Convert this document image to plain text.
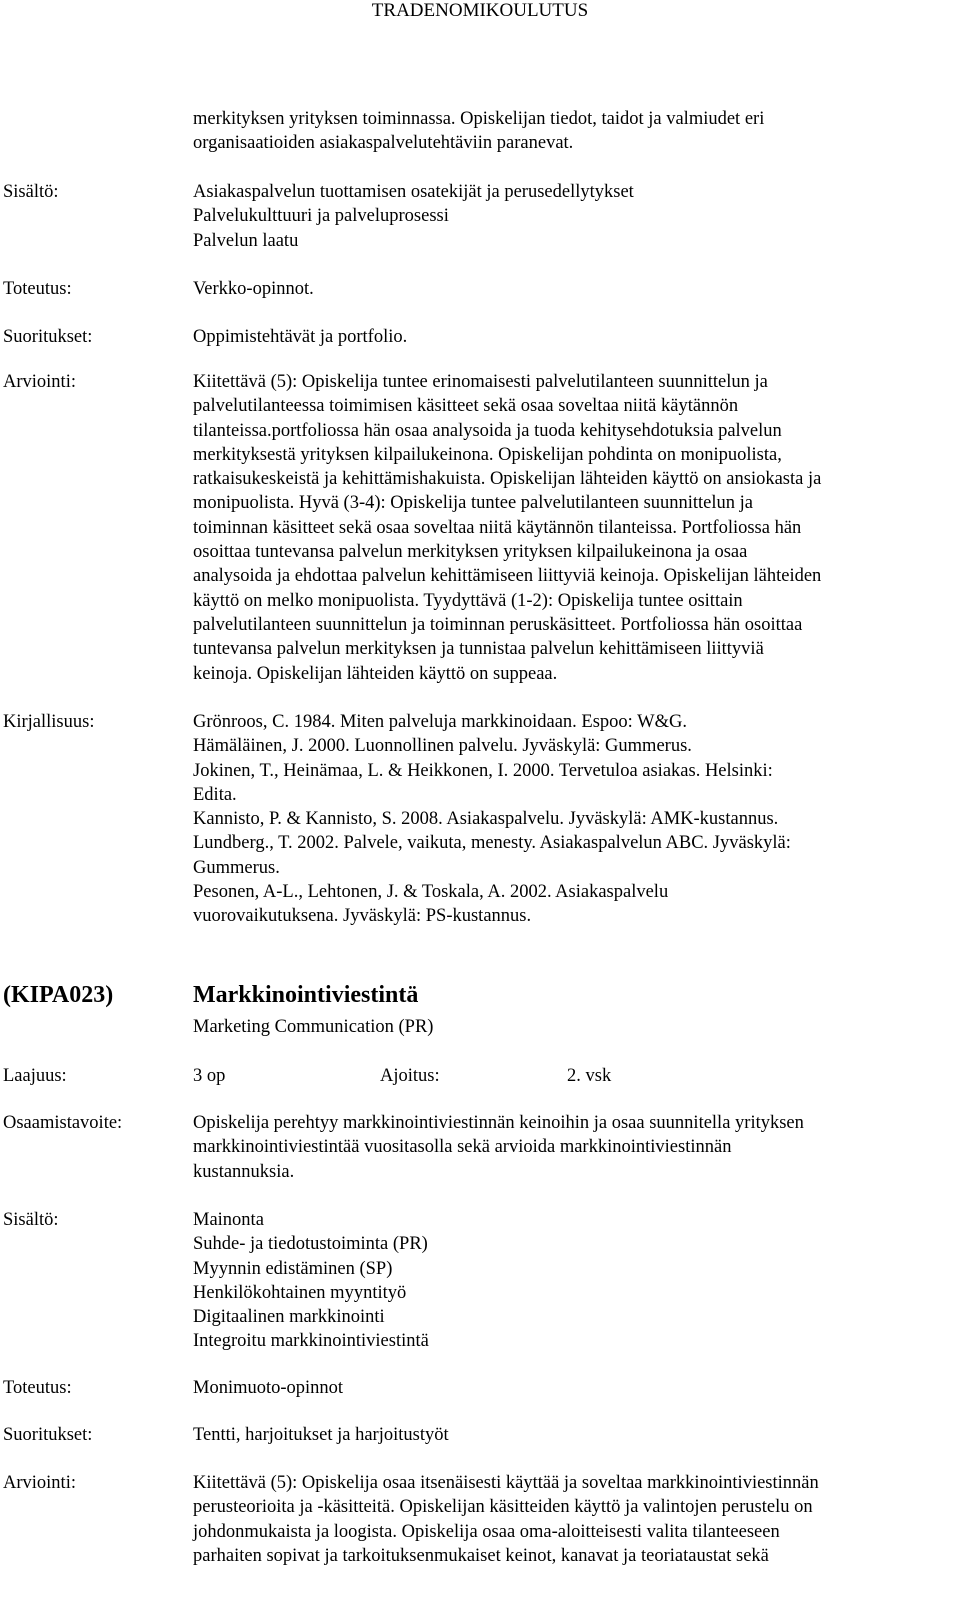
TRADENOMIKOULUTUS
merkityksen yrityksen toiminnassa. Opiskelijan tiedot, taidot ja valmiudet eri
organisaatioiden asiakaspalvelutehtäviin paranevat.
Sisältö:	Asiakaspalvelun tuottamisen osatekijät ja perusedellytykset
Palvelukulttuuri ja palveluprosessi
Palvelun laatu
Toteutus:	Verkko-opinnot.
Suoritukset:	Oppimistehtävät ja portfolio.
Arviointi:	Kiitettävä (5): Opiskelija tuntee erinomaisesti palvelutilanteen suunnittelun ja
palvelutilanteessa toimimisen käsitteet sekä osaa soveltaa niitä käytännön
tilanteissa.portfoliossa hän osaa analysoida ja tuoda kehitysehdotuksia palvelun
merkityksestä yrityksen kilpailukeinona. Opiskelijan pohdinta on monipuolista,
ratkaisukeskeistä ja kehittämishakuista. Opiskelijan lähteiden käyttö on ansiokasta ja
monipuolista. Hyvä (3-4): Opiskelija tuntee palvelutilanteen suunnittelun ja
toiminnan käsitteet sekä osaa soveltaa niitä käytännön tilanteissa. Portfoliossa hän
osoittaa tuntevansa palvelun merkityksen yrityksen kilpailukeinona ja osaa
analysoida ja ehdottaa palvelun kehittämiseen liittyviä keinoja. Opiskelijan lähteiden
käyttö on melko monipuolista. Tyydyttävä (1-2): Opiskelija tuntee osittain
palvelutilanteen suunnittelun ja toiminnan peruskäsitteet. Portfoliossa hän osoittaa
tuntevansa palvelun merkityksen ja tunnistaa palvelun kehittämiseen liittyviä
keinoja. Opiskelijan lähteiden käyttö on suppeaa.
Kirjallisuus:	Grönroos, C. 1984. Miten palveluja markkinoidaan. Espoo: W&G.
Hämäläinen, J. 2000. Luonnollinen palvelu. Jyväskylä: Gummerus.
Jokinen, T., Heinämaa, L. & Heikkonen, I. 2000. Tervetuloa asiakas. Helsinki:
Edita.
Kannisto, P. & Kannisto, S. 2008. Asiakaspalvelu. Jyväskylä: AMK-kustannus.
Lundberg., T. 2002. Palvele, vaikuta, menesty. Asiakaspalvelun ABC. Jyväskylä:
Gummerus.
Pesonen, A-L., Lehtonen, J. & Toskala, A. 2002. Asiakaspalvelu
vuorovaikutuksena. Jyväskylä: PS-kustannus.
(KIPA023)	Markkinointiviestintä
Marketing Communication (PR)
Laajuus:	3 op	Ajoitus:	2. vsk
Osaamistavoite:	Opiskelija perehtyy markkinointiviestinnän keinoihin ja osaa suunnitella yrityksen
markkinointiviestintää vuositasolla sekä arvioida markkinointiviestinnän
kustannuksia.
Sisältö:	Mainonta
Suhde- ja tiedotustoiminta (PR)
Myynnin edistäminen (SP)
Henkilökohtainen myyntityö
Digitaalinen markkinointi
Integroitu markkinointiviestintä
Toteutus:	Monimuoto-opinnot
Suoritukset:	Tentti, harjoitukset ja harjoitustyöt
Arviointi:	Kiitettävä (5): Opiskelija osaa itsenäisesti käyttää ja soveltaa markkinointiviestinnän
perusteorioita ja -käsitteitä. Opiskelijan käsitteiden käyttö ja valintojen perustelu on
johdonmukaista ja loogista. Opiskelija osaa oma-aloitteisesti valita tilanteeseen
parhaiten sopivat ja tarkoituksenmukaiset keinot, kanavat ja teoriataustat sekä
